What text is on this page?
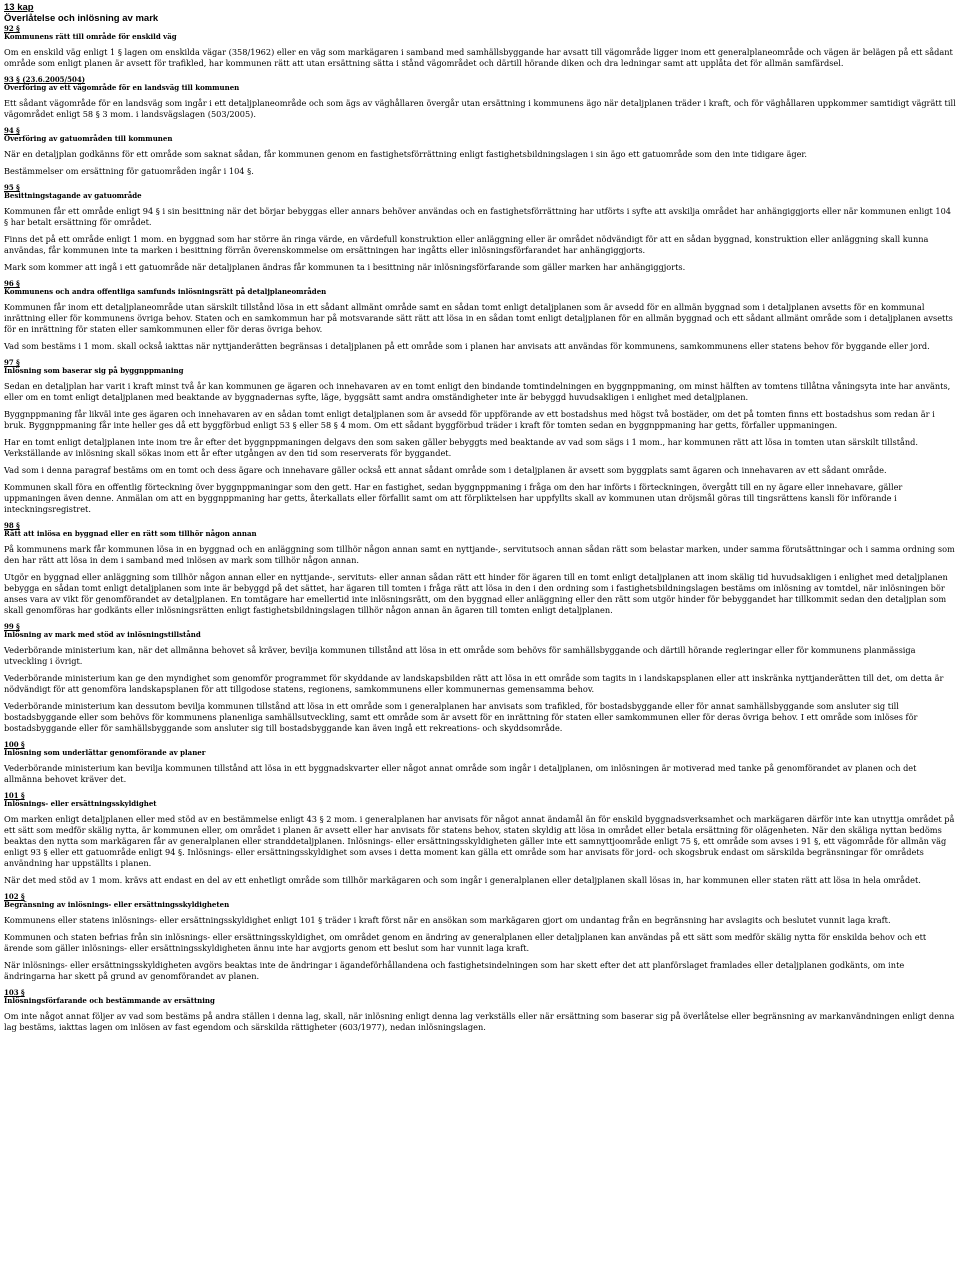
13 kap
Överlåtelse och inlösning av mark
92 §
Kommunens rätt till område för enskild väg

Om en enskild väg enligt 1 § lagen om enskilda vägar (358/1962) eller en väg som markägaren i samband med samhällsbyggande har avsatt till vägområde ligger inom ett generalplaneområde och vägen är belägen på ett sådant område som enligt planen är avsett för trafikled, har kommunen rätt att utan ersättning sätta i stånd vägområdet och därtill hörande diken och dra ledningar samt att upplåta det för allmän samfärdsel.

93 § (23.6.2005/504)
Överföring av ett vägområde för en landsväg till kommunen

Ett sådant vägområde för en landsväg som ingår i ett detaljplaneområde och som ägs av väghållaren övergår utan ersättning i kommunens ägo när detaljplanen träder i kraft, och för väghållaren uppkommer samtidigt vägrätt till vägområdet enligt 58 § 3 mom. i landsvägslagen (503/2005).

94 §
Överföring av gatuområden till kommunen

När en detaljplan godkänns för ett område som saknat sådan, får kommunen genom en fastighetsförrättning enligt fastighetsbildningslagen i sin ägo ett gatuområde som den inte tidigare äger.

Bestämmelser om ersättning för gatuområden ingår i 104 §.

95 §
Besittningstagande av gatuområde

Kommunen får ett område enligt 94 § i sin besittning när det börjar bebyggas eller annars behöver användas och en fastighetsförrättning har utförts i syfte att avskilja området har anhängiggjorts eller när kommunen enligt 104 § har betalt ersättning för området.

Finns det på ett område enligt 1 mom. en byggnad som har större än ringa värde, en värdefull konstruktion eller anläggning eller är området nödvändigt för att en sådan byggnad, konstruktion eller anläggning skall kunna användas, får kommunen inte ta marken i besittning förrän överenskommelse om ersättningen har ingåtts eller inlösningsförfarandet har anhängiggjorts.

Mark som kommer att ingå i ett gatuområde när detaljplanen ändras får kommunen ta i besittning när inlösningsförfarande som gäller marken har anhängiggjorts.

96 §
Kommunens och andra offentliga samfunds inlösningsrätt på detaljplaneområden

Kommunen får inom ett detaljplaneområde utan särskilt tillstånd lösa in ett sådant allmänt område samt en sådan tomt enligt detaljplanen som är avsedd för en allmän byggnad som i detaljplanen avsetts för en kommunal inrättning eller för kommunens övriga behov. Staten och en samkommun har på motsvarande sätt rätt att lösa in en sådan tomt enligt detaljplanen för en allmän byggnad och ett sådant allmänt område som i detaljplanen avsetts för en inrättning för staten eller samkommunen eller för deras övriga behov.

Vad som bestäms i 1 mom. skall också iakttas när nyttjanderätten begränsas i detaljplanen på ett område som i planen har anvisats att användas för kommunens, samkommunens eller statens behov för byggande eller jord.

97 §
Inlösning som baserar sig på byggnppmaning

Sedan en detaljplan har varit i kraft minst två år kan kommunen ge ägaren och innehavaren av en tomt enligt den bindande tomtindelningen en byggnppmaning, om minst hälften av tomtens tillåtna våningsyta inte har använts, eller om en tomt enligt detaljplanen med beaktande av byggnadernas syfte, läge, byggsätt samt andra omständigheter inte är bebyggd huvudsakligen i enlighet med detaljplanen.

Byggnppmaning får likväl inte ges ägaren och innehavaren av en sådan tomt enligt detaljplanen som är avsedd för uppförande av ett bostadshus med högst två bostäder, om det på tomten finns ett bostadshus som redan är i bruk. Byggnppmaning får inte heller ges då ett byggförbud enligt 53 § eller 58 § 4 mom. Om ett sådant byggförbud träder i kraft för tomten sedan en byggnppmaning har getts, förfaller uppmaningen.

Har en tomt enligt detaljplanen inte inom tre år efter det byggnppmaningen delgavs den som saken gäller bebyggts med beaktande av vad som sägs i 1 mom., har kommunen rätt att lösa in tomten utan särskilt tillstånd. Verkställande av inlösning skall sökas inom ett år efter utgången av den tid som reserverats för byggandet.

Vad som i denna paragraf bestäms om en tomt och dess ägare och innehavare gäller också ett annat sådant område som i detaljplanen är avsett som byggplats samt ägaren och innehavaren av ett sådant område.

Kommunen skall föra en offentlig förteckning över byggnppmaningar som den gett. Har en fastighet, sedan byggnppmaning i fråga om den har införts i förteckningen, övergått till en ny ägare eller innehavare, gäller uppmaningen även denne. Anmälan om att en byggnppmaning har getts, återkallats eller förfallit samt om att förpliktelsen har uppfyllts skall av kommunen utan dröjsmål göras till tingsrättens kansli för införande i inteckningsregistret.

98 §
Rätt att inlösa en byggnad eller en rätt som tillhör någon annan

På kommunens mark får kommunen lösa in en byggnad och en anläggning som tillhör någon annan samt en nyttjande-, servitutsoch annan sådan rätt som belastar marken, under samma förutsättningar och i samma ordning som den har rätt att lösa in dem i samband med inlösen av mark som tillhör någon annan.

Utgör en byggnad eller anläggning som tillhör någon annan eller en nyttjande-, servituts- eller annan sådan rätt ett hinder för ägaren till en tomt enligt detaljplanen att inom skälig tid huvudsakligen i enlighet med detaljplanen bebygga en sådan tomt enligt detaljplanen som inte är bebyggd på det sättet, har ägaren till tomten i fråga rätt att lösa in den i den ordning som i fastighetsbildningslagen bestäms om inlösning av tomtdel, när inlösningen bör anses vara av vikt för genomförandet av detaljplanen. En tomtägare har emellertid inte inlösningsrätt, om den byggnad eller anläggning eller den rätt som utgör hinder för bebyggandet har tillkommit sedan den detaljplan som skall genomföras har godkänts eller inlösningsrätten enligt fastighetsbildningslagen tillhör någon annan än ägaren till tomten enligt detaljplanen.

99 §
Inlösning av mark med stöd av inlösningstillstånd

Vederbörande ministerium kan, när det allmänna behovet så kräver, bevilja kommunen tillstånd att lösa in ett område som behövs för samhällsbyggande och därtill hörande regleringar eller för kommunens planmässiga utveckling i övrigt.

Vederbörande ministerium kan ge den myndighet som genomför programmet för skyddande av landskapsbilden rätt att lösa in ett område som tagits in i landskapsplanen eller att inskränka nyttjanderätten till det, om detta är nödvändigt för att genomföra landskapsplanen för att tillgodose statens, regionens, samkommunens eller kommunernas gemensamma behov.

Vederbörande ministerium kan dessutom bevilja kommunen tillstånd att lösa in ett område som i generalplanen har anvisats som trafikled, för bostadsbyggande eller för annat samhällsbyggande som ansluter sig till bostadsbyggande eller som behövs för kommunens planenliga samhällsutveckling, samt ett område som är avsett för en inrättning för staten eller samkommunen eller för deras övriga behov. I ett område som inlöses för bostadsbyggande eller för samhällsbyggande som ansluter sig till bostadsbyggande kan även ingå ett rekreations- och skyddsområde.

100 §
Inlösning som underlättar genomförande av planer

Vederbörande ministerium kan bevilja kommunen tillstånd att lösa in ett byggnadskvarter eller något annat område som ingår i detaljplanen, om inlösningen är motiverad med tanke på genomförandet av planen och det allmänna behovet kräver det.

101 §
Inlösnings- eller ersättningsskyldighet

Om marken enligt detaljplanen eller med stöd av en bestämmelse enligt 43 § 2 mom. i generalplanen har anvisats för något annat ändamål än för enskild byggnadsverksamhet och markägaren därför inte kan utnyttja området på ett sätt som medför skälig nytta, är kommunen eller, om området i planen är avsett eller har anvisats för statens behov, staten skyldig att lösa in området eller betala ersättning för olägenheten. När den skäliga nyttan bedöms beaktas den nytta som markägaren får av generalplanen eller stranddetaljplanen. Inlösnings- eller ersättningsskyldigheten gäller inte ett samnyttjoområde enligt 75 §, ett område som avses i 91 §, ett vägområde för allmän väg enligt 93 § eller ett gatuområde enligt 94 §. Inlösnings- eller ersättningsskyldighet som avses i detta moment kan gälla ett område som har anvisats för jord- och skogsbruk endast om särskilda begränsningar för områdets användning har uppställts i planen.

När det med stöd av 1 mom. krävs att endast en del av ett enhetligt område som tillhör markägaren och som ingår i generalplanen eller detaljplanen skall lösas in, har kommunen eller staten rätt att lösa in hela området.

102 §
Begränsning av inlösnings- eller ersättningsskyldigheten

Kommunens eller statens inlösnings- eller ersättningsskyldighet enligt 101 § träder i kraft först när en ansökan som markägaren gjort om undantag från en begränsning har avslagits och beslutet vunnit laga kraft.

Kommunen och staten befrias från sin inlösnings- eller ersättningsskyldighet, om området genom en ändring av generalplanen eller detaljplanen kan användas på ett sätt som medför skälig nytta för enskilda behov och ett ärende som gäller inlösnings- eller ersättningsskyldigheten ännu inte har avgjorts genom ett beslut som har vunnit laga kraft.

När inlösnings- eller ersättningsskyldigheten avgörs beaktas inte de ändringar i ägandeförhållandena och fastighetsindelningen som har skett efter det att planförslaget framlades eller detaljplanen godkänts, om inte ändringarna har skett på grund av genomförandet av planen.

103 §
Inlösningsförfarande och bestämmande av ersättning

Om inte något annat följer av vad som bestäms på andra ställen i denna lag, skall, när inlösning enligt denna lag verkställs eller när ersättning som baserar sig på överlåtelse eller begränsning av markanvändningen enligt denna lag bestäms, iakttas lagen om inlösen av fast egendom och särskilda rättigheter (603/1977), nedan inlösningslagen.
